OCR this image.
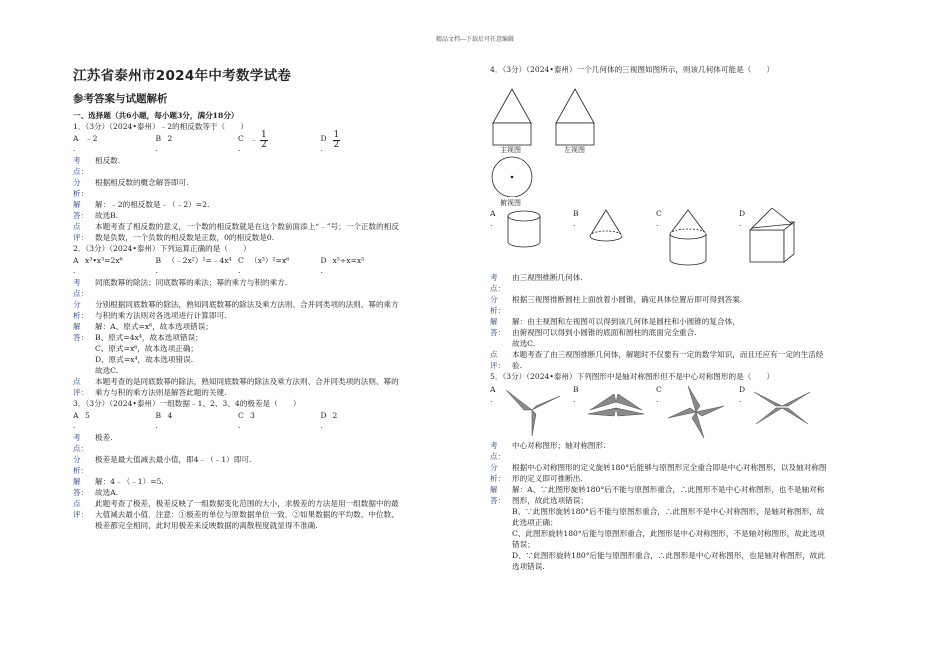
精品文档---下载后可任意编辑
江苏省泰州市2024年中考数学试卷
参考答案与试题解析
一、选择题（共6小题，每小题3分，满分18分）
1．（3分）（2024•泰州）﹣2的相反数等于（　　）
A
.
﹣2	B
.
2	C
.
﹣ $\frac{1}{2}$	D
. $\frac{1}{2}$
考
点：
相反数.
分
析：
根据相反数的概念解答即可.
解
答：
解：﹣2的相反数是﹣（﹣2）=2.
故选B.
点
评：
本题考查了相反数的意义，一个数的相反数就是在这个数前面添上“﹣”号；一个正数的相反数是负数，一个负数的相反数是正数，0的相反数是0.
2．（3分）（2024•泰州）下列运算正确的是（　　）
A
.
x³•x³=2x⁶	B
.
（﹣2x²）²=﹣4x⁴ C
.
（x³）²=x⁶	D
.
x⁵÷x=x⁵
考
点：
同底数幂的除法；同底数幂的乘法；幂的乘方与积的乘方.
分
析：
分别根据同底数幂的除法，熟知同底数幂的除法及乘方法则、合并同类项的法则、幂的乘方与积的乘方法则对各选项进行计算即可.
解
答：
解：A、原式=x⁶，故本选项错误；
B、原式=4x⁴，故本选项错误；
C、原式=x⁶，故本选项正确；
D、原式=x⁴，故本选项错误.
故选C.
点
评：
本题考查的是同底数幂的除法，熟知同底数幂的除法及乘方法则、合并同类项的法则、幂的乘方与积的乘方法则是解答此题的关键.
3．（3分）（2024•泰州）一组数据﹣1、2、3、4的极差是（　　）
A
.
5	B
.
4	C
.
3	D
.
2
考
点：
极差.
分
析：
极差是最大值减去最小值，即4﹣（﹣1）即可.
解
答：
解：4﹣（﹣1）=5.
故选A.
点
评：
此题考查了极差，极差反映了一组数据变化范围的大小，求极差的方法是用一组数据中的最大值减去最小值．注意：①极差的单位与原数据单位一致．②如果数据的平均数、中位数、极差都完全相同，此时用极差来反映数据的离散程度就显得不准确.
4．（3分）（2024•泰州）一个几何体的三视图如图所示，则该几何体可能是（　　）
主视图	左视图
俯视图
A
.
B
.
C
.
D
.
考
点：
由三视图推断几何体.
分
析：
根据三视图推断圆柱上面放着小圆锥，确定具体位置后即可得到答案.
解
答：
解：由主视图和左视图可以得到该几何体是圆柱和小圆锥的复合体，
由俯视图可以得到小圆锥的底面和圆柱的底面完全重合.
故选C.
点
评：
本题考查了由三视图推断几何体，解题时不仅要有一定的数学知识，而且还应有一定的生活经验.
5．（3分）（2024•泰州）下列图形中是轴对称图形但不是中心对称图形的是（　　）
A
.
B
.
C
.
D
.
考
点：
中心对称图形；轴对称图形.
分
析：
根据中心对称图形的定义旋转180°后能够与原图形完全重合即是中心对称图形，以及轴对称图形的定义即可推断出.
解
答：
解：A、∵此图形旋转180°后不能与原图形重合，∴此图形不是中心对称图形，也不是轴对称图形，故此选项错误；
B、∵此图形旋转180°后不能与原图形重合，∴此图形不是中心对称图形，是轴对称图形，故此选项正确；
C、此图形旋转180°后能与原图形重合，此图形是中心对称图形，不是轴对称图形，故此选项错误；
D、∵此图形旋转180°后能与原图形重合，∴此图形是中心对称图形，也是轴对称图形，故此选项错误.
